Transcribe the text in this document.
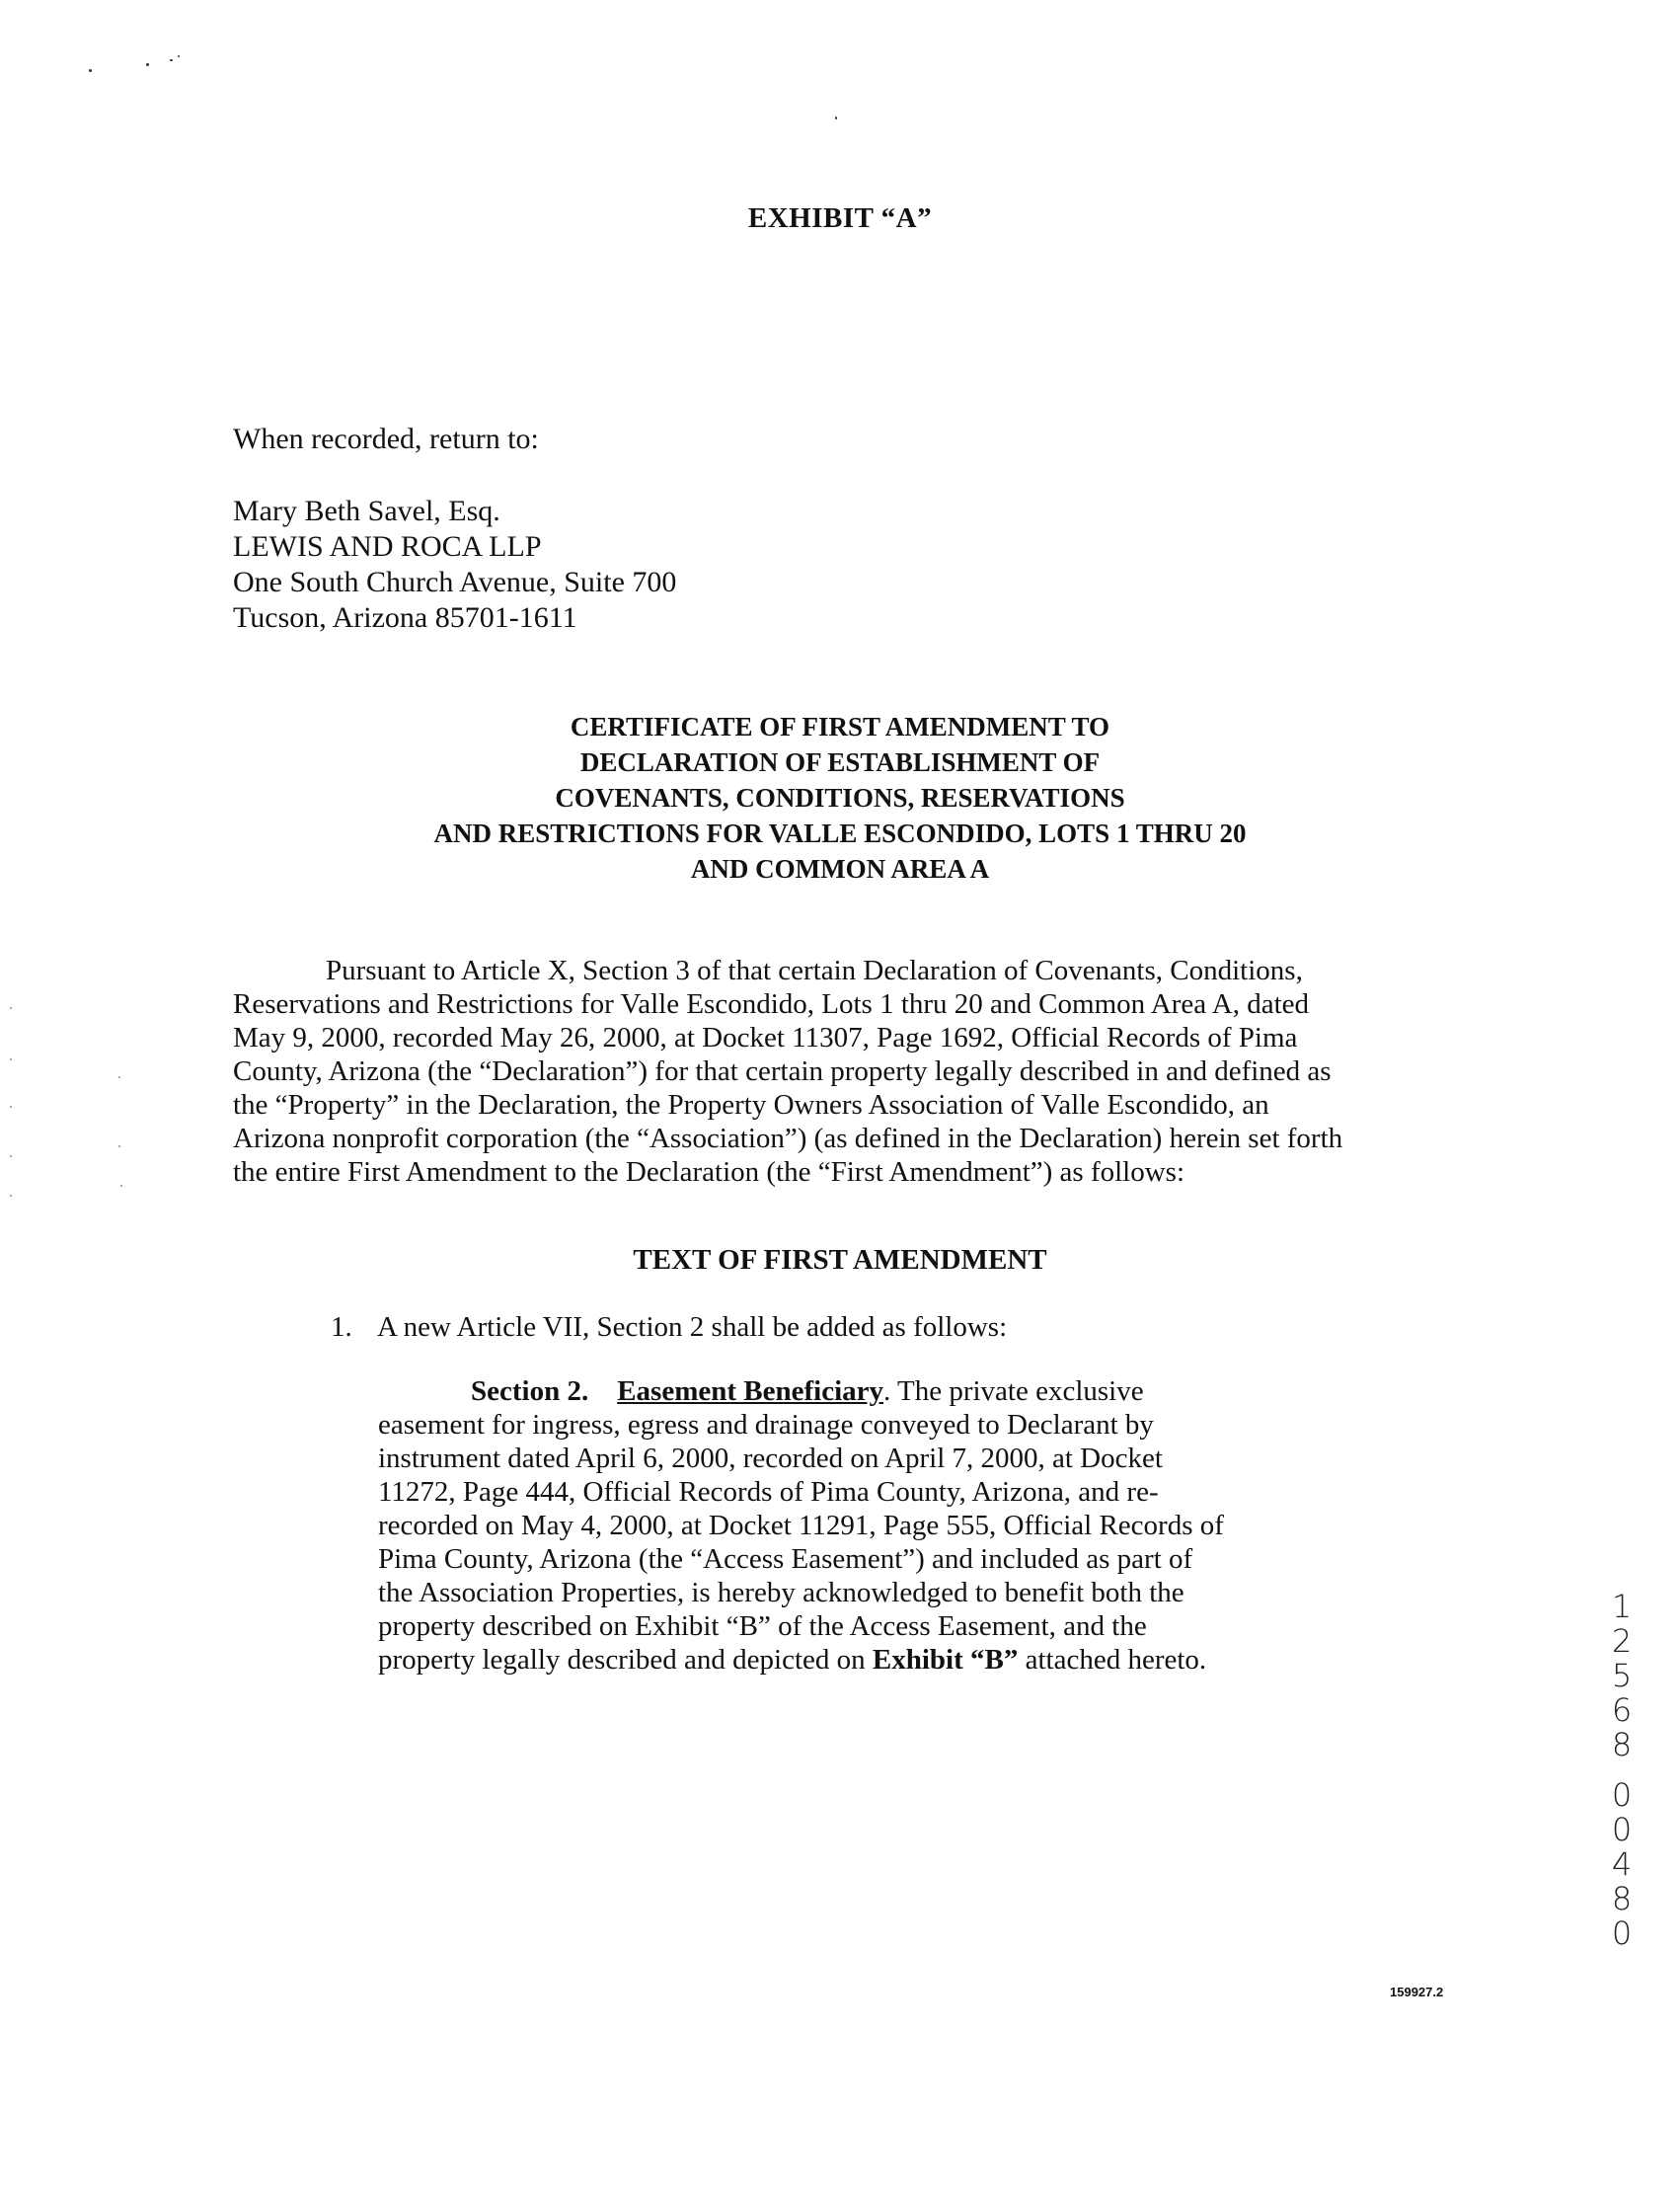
EXHIBIT “A”
When recorded, return to:
Mary Beth Savel, Esq.
LEWIS AND ROCA LLP
One South Church Avenue, Suite 700
Tucson, Arizona 85701-1611
CERTIFICATE OF FIRST AMENDMENT TO
DECLARATION OF ESTABLISHMENT OF
COVENANTS, CONDITIONS, RESERVATIONS
AND RESTRICTIONS FOR VALLE ESCONDIDO, LOTS 1 THRU 20
AND COMMON AREA A
Pursuant to Article X, Section 3 of that certain Declaration of Covenants, Conditions,
Reservations and Restrictions for Valle Escondido, Lots 1 thru 20 and Common Area A, dated
May 9, 2000, recorded May 26, 2000, at Docket 11307, Page 1692, Official Records of Pima
County, Arizona (the “Declaration”) for that certain property legally described in and defined as
the “Property” in the Declaration, the Property Owners Association of Valle Escondido, an
Arizona nonprofit corporation (the “Association”) (as defined in the Declaration) herein set forth
the entire First Amendment to the Declaration (the “First Amendment”) as follows:
TEXT OF FIRST AMENDMENT
1. A new Article VII, Section 2 shall be added as follows:
Section 2. Easement Beneficiary. The private exclusive
easement for ingress, egress and drainage conveyed to Declarant by
instrument dated April 6, 2000, recorded on April 7, 2000, at Docket
11272, Page 444, Official Records of Pima County, Arizona, and re-
recorded on May 4, 2000, at Docket 11291, Page 555, Official Records of
Pima County, Arizona (the “Access Easement”) and included as part of
the Association Properties, is hereby acknowledged to benefit both the
property described on Exhibit “B” of the Access Easement, and the
property legally described and depicted on Exhibit “B” attached hereto.
1
2
5
6
8
0
0
4
8
0
159927.2
